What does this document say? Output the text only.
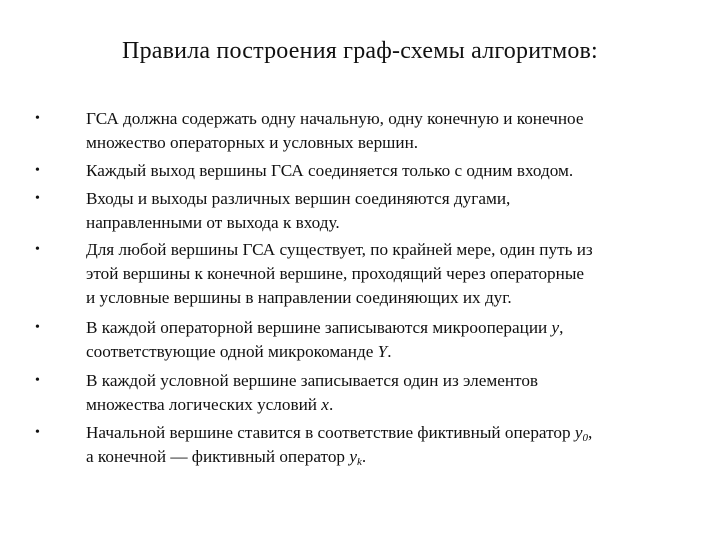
Правила построения граф-схемы алгоритмов:
•	ГСА должна содержать одну начальную, одну конечную и конечное
множество операторных и условных вершин.

•	Каждый выход вершины ГСА соединяется только с одним входом.

•	Входы и выходы различных вершин соединяются дугами,
направленными от выхода к входу.

•	Для любой вершины ГСА существует, по крайней мере, один путь из
этой вершины к конечной вершине, проходящий через операторные
и условные вершины в направлении соединяющих их дуг.

•	В каждой операторной вершине записываются микрооперации y,
соответствующие одной микрокоманде Y.

•	В каждой условной вершине записывается один из элементов
множества логических условий x.

•	Начальной вершине ставится в соответствие фиктивный оператор $y_0$,
а конечной — фиктивный оператор $y_k$.
